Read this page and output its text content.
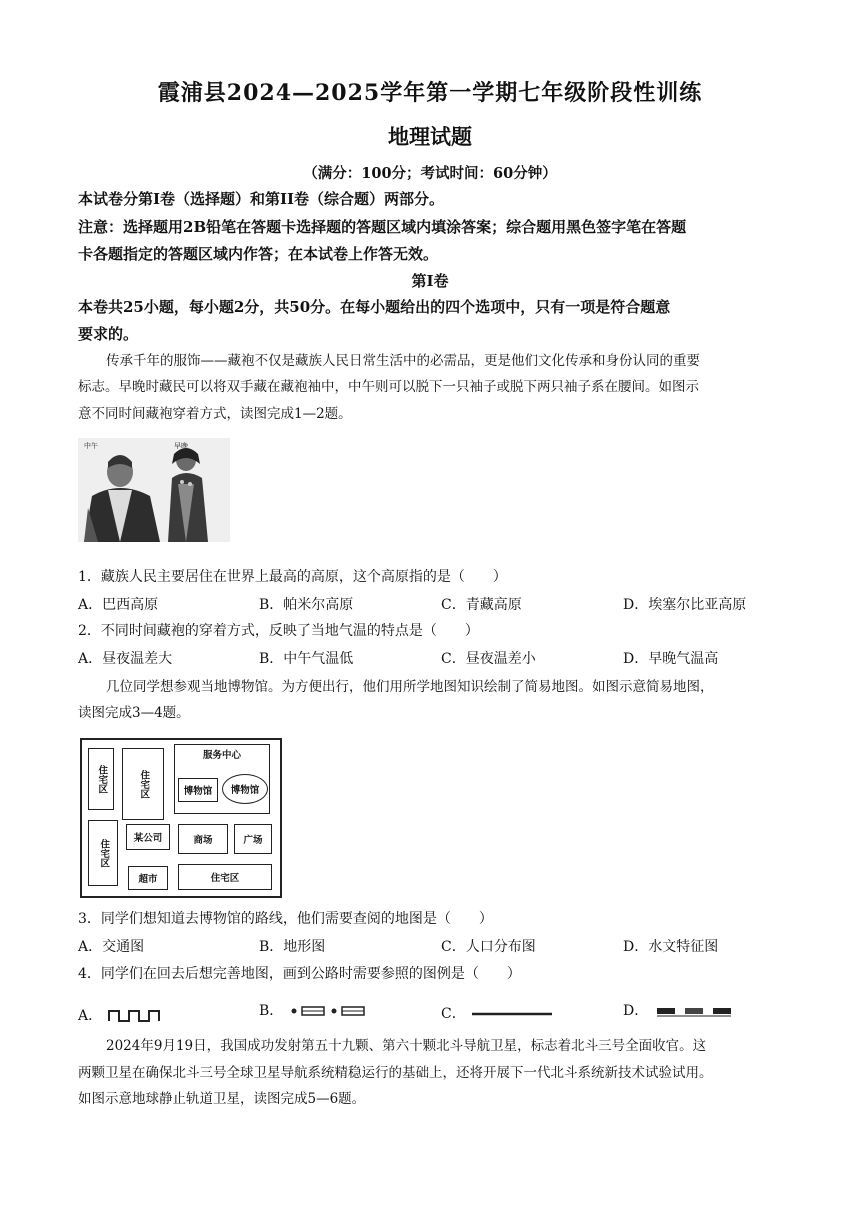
霞浦县2024—2025学年第一学期七年级阶段性训练
地理试题
（满分：100分；考试时间：60分钟）
本试卷分第Ⅰ卷（选择题）和第II卷（综合题）两部分。
注意：选择题用2B铅笔在答题卡选择题的答题区域内填涂答案；综合题用黑色签字笔在答题
卡各题指定的答题区域内作答；在本试卷上作答无效。
第Ⅰ卷
本卷共25小题，每小题2分，共50分。在每小题给出的四个选项中，只有一项是符合题意
要求的。
传承千年的服饰——藏袍不仅是藏族人民日常生活中的必需品，更是他们文化传承和身份认同的重要
标志。早晚时藏民可以将双手藏在藏袍袖中，中午则可以脱下一只袖子或脱下两只袖子系在腰间。如图示
意不同时间藏袍穿着方式，读图完成1—2题。
中午	早晚
1．藏族人民主要居住在世界上最高的高原，这个高原指的是（　　）
A．巴西高原	B．帕米尔高原	C．青藏高原	D．埃塞尔比亚高原
2．不同时间藏袍的穿着方式，反映了当地气温的特点是（　　）
A．昼夜温差大	B．中午气温低	C．昼夜温差小	D．早晚气温高
几位同学想参观当地博物馆。为方便出行，他们用所学地图知识绘制了简易地图。如图示意简易地图，
读图完成3—4题。
住宅区	住宅区
服务中心
博物馆	博物馆
住宅区
某公司	商场	广场
超市	住宅区
3．同学们想知道去博物馆的路线，他们需要查阅的地图是（　　）
A．交通图	B．地形图	C．人口分布图	D．水文特征图
4．同学们在回去后想完善地图，画到公路时需要参照的图例是（　　）
A．	B．	C．	D．
2024年9月19日，我国成功发射第五十九颗、第六十颗北斗导航卫星，标志着北斗三号全面收官。这
两颗卫星在确保北斗三号全球卫星导航系统精稳运行的基础上，还将开展下一代北斗系统新技术试验试用。
如图示意地球静止轨道卫星，读图完成5—6题。
